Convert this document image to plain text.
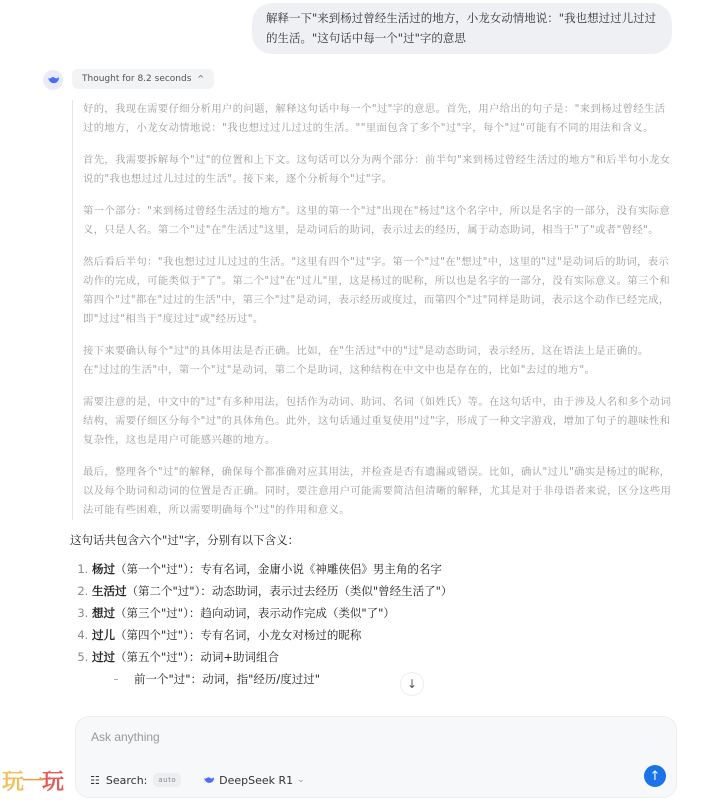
解释一下"来到杨过曾经生活过的地方，小龙女动情地说："我也想过过儿过过的生活。"这句话中每一个"过"字的意思
Thought for 8.2 seconds ^

好的，我现在需要仔细分析用户的问题，解释这句话中每一个"过"字的意思。首先，用户给出的句子是："来到杨过曾经生活过的地方，小龙女动情地说："我也想过过儿过过的生活。""里面包含了多个"过"字，每个"过"可能有不同的用法和含义。

首先，我需要拆解每个"过"的位置和上下文。这句话可以分为两个部分：前半句"来到杨过曾经生活过的地方"和后半句小龙女说的"我也想过过儿过过的生活"。接下来，逐个分析每个"过"字。

第一个部分："来到杨过曾经生活过的地方"。这里的第一个"过"出现在"杨过"这个名字中，所以是名字的一部分，没有实际意义，只是人名。第二个"过"在"生活过"这里，是动词后的助词，表示过去的经历，属于动态助词，相当于"了"或者"曾经"。

然后看后半句："我也想过过儿过过的生活。"这里有四个"过"字。第一个"过"在"想过"中，这里的"过"是动词后的助词，表示动作的完成，可能类似于"了"。第二个"过"在"过儿"里，这是杨过的昵称，所以也是名字的一部分，没有实际意义。第三个和第四个"过"都在"过过的生活"中，第三个"过"是动词，表示经历或度过，而第四个"过"同样是助词，表示这个动作已经完成，即"过过"相当于"度过过"或"经历过"。

接下来要确认每个"过"的具体用法是否正确。比如，在"生活过"中的"过"是动态助词，表示经历，这在语法上是正确的。在"过过的生活"中，第一个"过"是动词，第二个是助词，这种结构在中文中也是存在的，比如"去过的地方"。

需要注意的是，中文中的"过"有多种用法，包括作为动词、助词、名词（如姓氏）等。在这句话中，由于涉及人名和多个动词结构，需要仔细区分每个"过"的具体角色。此外，这句话通过重复使用"过"字，形成了一种文字游戏，增加了句子的趣味性和复杂性，这也是用户可能感兴趣的地方。

最后，整理各个"过"的解释，确保每个都准确对应其用法，并检查是否有遗漏或错误。比如，确认"过儿"确实是杨过的昵称，以及每个助词和动词的位置是否正确。同时，要注意用户可能需要简洁但清晰的解释，尤其是对于非母语者来说，区分这些用法可能有些困难，所以需要明确每个"过"的作用和意义。

这句话共包含六个"过"字，分别有以下含义：

1. 杨过（第一个"过"）：专有名词，金庸小说《神雕侠侣》男主角的名字
2. 生活过（第二个"过"）：动态助词，表示过去经历（类似"曾经生活了"）
3. 想过（第三个"过"）：趋向动词，表示动作完成（类似"了"）
4. 过儿（第四个"过"）：专有名词，小龙女对杨过的昵称
5. 过过（第五个"过"）：动词+助词组合
前一个"过"：动词，指"经历/度过过"	↓
Ask anything
☷ Search:	auto	DeepSeek R1 ⌄	↑
玩一玩
